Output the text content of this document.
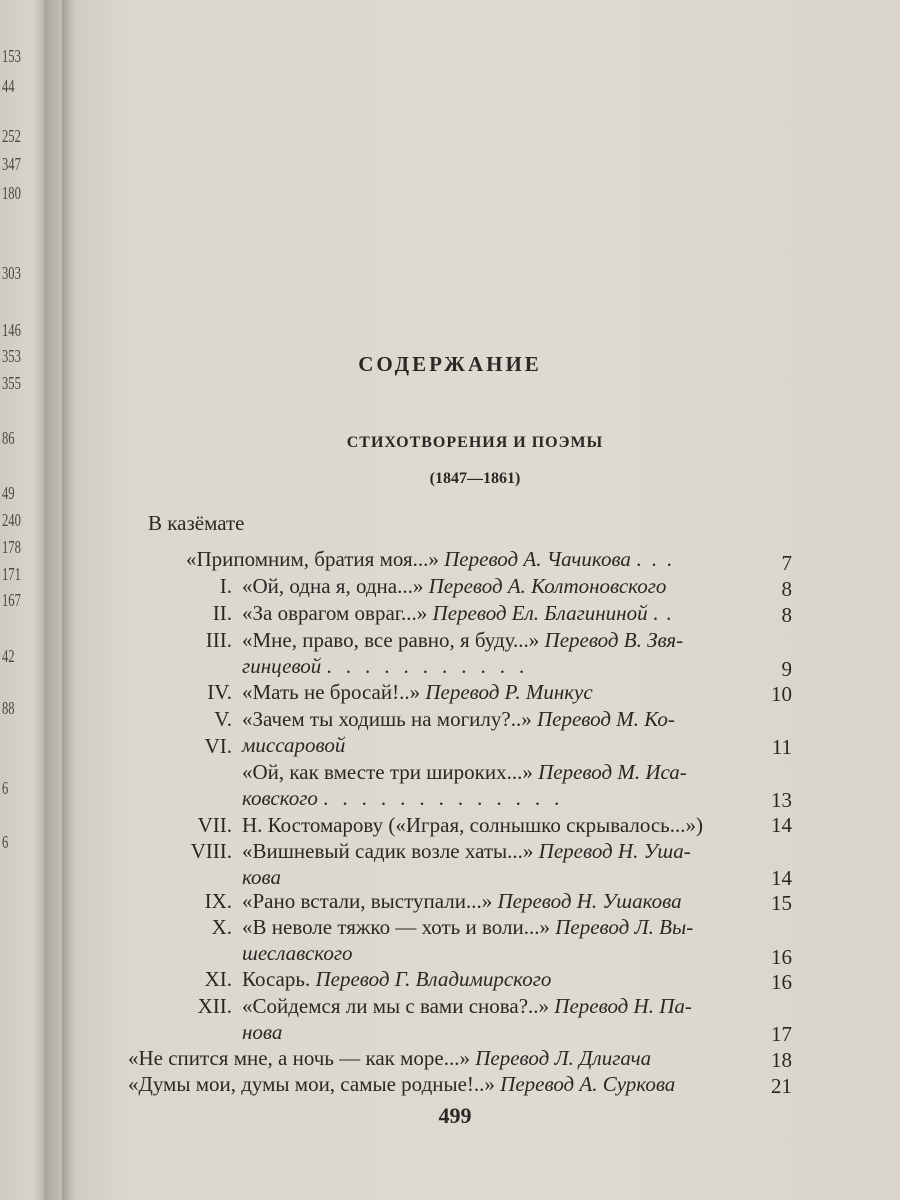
153
44
252
347
180
303
146
353
355
86
49
240
178
171
167
42
88
6
6
СОДЕРЖАНИЕ
СТИХОТВОРЕНИЯ И ПОЭМЫ
(1847—1861)
В казёмате
«Припомним, братия моя...» Перевод А. Чачикова ...	7
I. «Ой, одна я, одна...» Перевод А. Колтоновского	8
II. «За оврагом овраг...» Перевод Ел. Благининой ..	8
III. «Мне, право, все равно, я буду...» Перевод В. Звя-
гинцевой ...........	9
IV. «Мать не бросай!..» Перевод Р. Минкус	10
V. «Зачем ты ходишь на могилу?..» Перевод М. Ко-
миссаровой	11
VI.
«Ой, как вместе три широких...» Перевод М. Иса-
ковского .............	13
VII. Н. Костомарову («Играя, солнышко скрывалось...»)	14
VIII. «Вишневый садик возле хаты...» Перевод Н. Уша-
кова	14
IX. «Рано встали, выступали...» Перевод Н. Ушакова	15
X. «В неволе тяжко — хоть и воли...» Перевод Л. Вы-
шеславского	16
XI. Косарь. Перевод Г. Владимирского	16
XII. «Сойдемся ли мы с вами снова?..» Перевод Н. Па-
нова	17
«Не спится мне, а ночь — как море...» Перевод Л. Длигача	18
«Думы мои, думы мои, самые родные!..» Перевод А. Суркова	21
499
